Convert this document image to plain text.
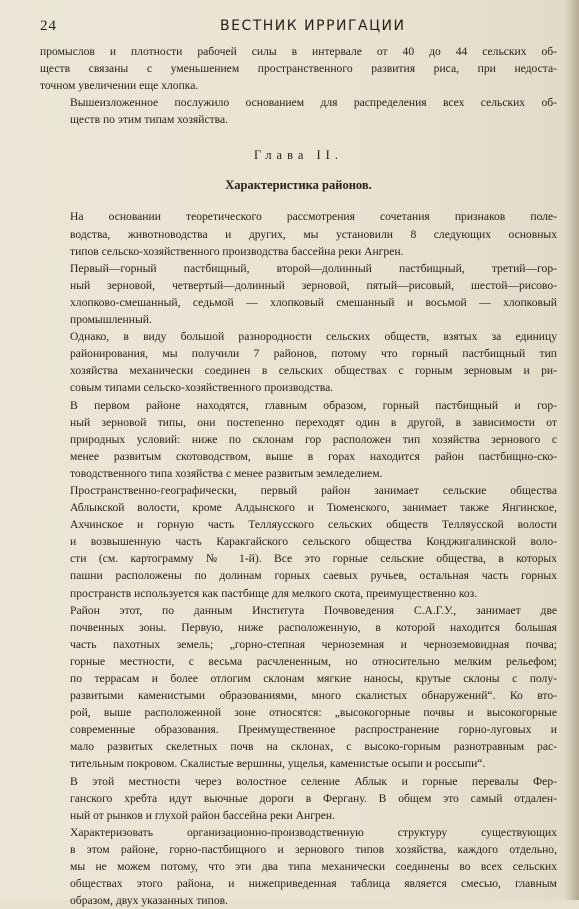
24	ВЕСТНИК ИРРИГАЦИИ

промыслов и плотности рабочей силы в интервале от 40 до 44 сельских об-
ществ связаны с уменьшением пространственного развития риса, при недоста-
точном увеличении еще хлопка.

Вышеизложенное послужило основанием для распределения всех сельских об-
ществ по этим типам хозяйства.

Глава II.
Характеристика районов.

На основании теоретического рассмотрения сочетания признаков поле-
водства, животноводства и других, мы установили 8 следующих основных
типов сельско-хозяйственного производства бассейна реки Ангрен.

Первый—горный пастбищный, второй—долинный пастбищный, третий—гор-
ный зерновой, четвертый—долинный зерновой, пятый—рисовый, шестой—рисово-
хлопково-смешанный, седьмой — хлопковый смешанный и восьмой — хлопковый
промышленный.

Однако, в виду большой разнородности сельских обществ, взятых за единицу
районирования, мы получили 7 районов, потому что горный пастбищный тип
хозяйства механически соединен в сельских обществах с горным зерновым и ри-
совым типами сельско-хозяйственного производства.

В первом районе находятся, главным образом, горный пастбищный и гор-
ный зерновой типы, они постепенно переходят один в другой, в зависимости от
природных условий: ниже по склонам гор расположен тип хозяйства зернового с
менее развитым скотоводством, выше в горах находится район пастбищно-ско-
товодственного типа хозяйства с менее развитым земледелием.

Пространственно-географически, первый район занимает сельские общества
Аблыкской волости, кроме Алдынского и Тюменского, занимает также Янгинское,
Ахчинское и горную часть Телляусского сельских обществ Телляусской волости
и возвышенную часть Каракгайского сельского общества Конджигалинской воло-
сти (см. картограмму № 1-й). Все это горные сельские общества, в которых
пашни расположены по долинам горных саевых ручьев, остальная часть горных
пространств используется как пастбище для мелкого скота, преимущественно коз.

Район этот, по данным Института Почвоведения С.А.Г.У., занимает две
почвенных зоны. Первую, ниже расположенную, в которой находится большая
часть пахотных земель; „горно-степная черноземная и черноземовидная почва;
горные местности, с весьма расчлененным, но относительно мелким рельефом;
по террасам и более отлогим склонам мягкие наносы, крутые склоны с полу-
развитыми каменистыми образованиями, много скалистых обнаружений“. Ко вто-
рой, выше расположенной зоне относятся: „высокогорные почвы и высокогорные
современные образования. Преимущественное распространение горно-луговых и
мало развитых скелетных почв на склонах, с высоко-горным разнотравным рас-
тительным покровом. Скалистые вершины, ущелья, каменистые осыпи и россыпи“.

В этой местности через волостное селение Аблык и горные перевалы Фер-
ганского хребта идут вьючные дороги в Фергану. В общем это самый отдален-
ный от рынков и глухой район бассейна реки Ангрен.

Характеризовать организационно-производственную структуру существующих
в этом районе, горно-пастбищного и зернового типов хозяйства, каждого отдельно,
мы не можем потому, что эти два типа механически соединены во всех сельских
обществах этого района, и нижеприведенная таблица является смесью, главным
образом, двух указанных типов.
